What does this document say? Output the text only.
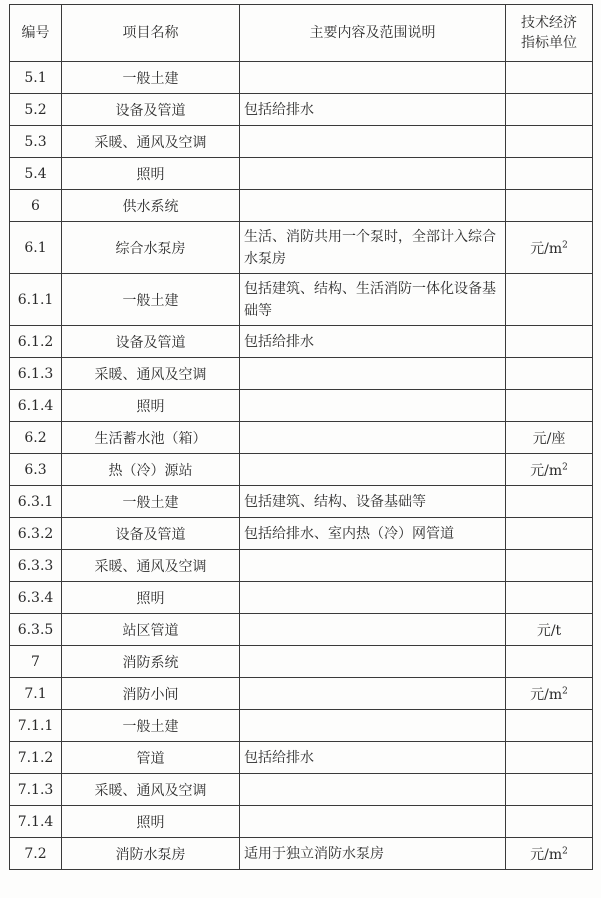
编号	项目名称	主要内容及范围说明	技术经济
指标单位

5.1	一般土建		
5.2	设备及管道	包括给排水	
5.3	采暖、通风及空调		
5.4	照明		
6	供水系统		
6.1	综合水泵房	生活、消防共用一个泵时，全部计入综合水泵房	元$/m^2$
6.1.1	一般土建	包括建筑、结构、生活消防一体化设备基础等	
6.1.2	设备及管道	包括给排水	
6.1.3	采暖、通风及空调		
6.1.4	照明		
6.2	生活蓄水池（箱）		元/座
6.3	热（冷）源站		元$/m^2$
6.3.1	一般土建	包括建筑、结构、设备基础等	
6.3.2	设备及管道	包括给排水、室内热（冷）网管道	
6.3.3	采暖、通风及空调		
6.3.4	照明		
6.3.5	站区管道		元/t
7	消防系统		
7.1	消防小间		元$/m^2$
7.1.1	一般土建		
7.1.2	管道	包括给排水	
7.1.3	采暖、通风及空调		
7.1.4	照明		
7.2	消防水泵房	适用于独立消防水泵房	元$/m^2$
